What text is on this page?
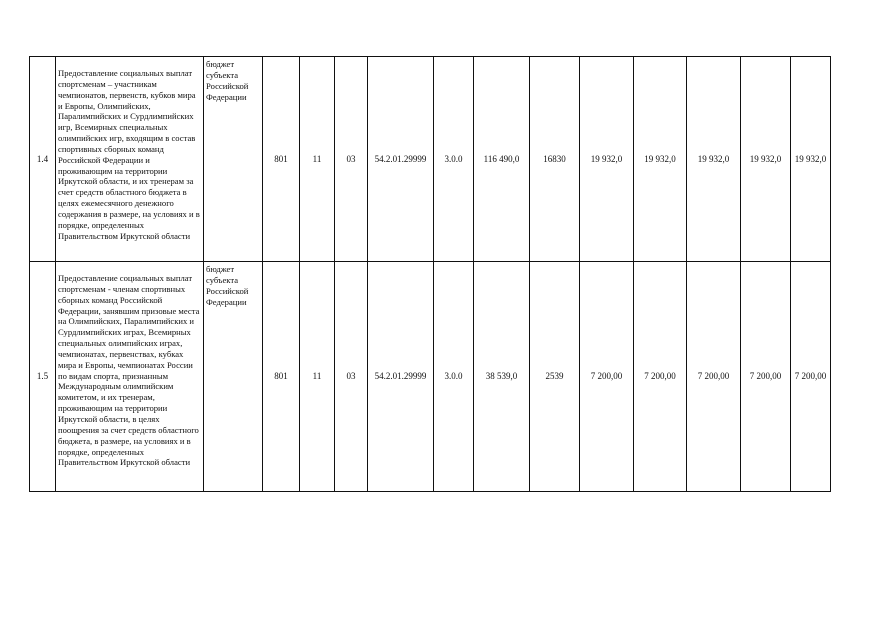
1.4	Предоставление социальных выплат спортсменам – участникам чемпионатов, первенств, кубков мира и Европы, Олимпийских, Паралимпийских и Сурдлимпийских игр, Всемирных специальных олимпийских игр, входящим в состав спортивных сборных команд Российской Федерации и проживающим на территории Иркутской области, и их тренерам за счет средств областного бюджета в целях ежемесячного денежного содержания в размере, на условиях и в порядке, определенных Правительством Иркутской области	бюджет субъекта Российской Федерации	801	11	03	54.2.01.29999	3.0.0	116 490,0	16830	19 932,0	19 932,0	19 932,0	19 932,0	19 932,0
1.5	Предоставление социальных выплат спортсменам - членам спортивных сборных команд Российской Федерации, занявшим призовые места на Олимпийских, Паралимпийских и Сурдлимпийских играх, Всемирных специальных олимпийских играх, чемпионатах, первенствах, кубках мира и Европы, чемпионатах России по видам спорта, признанным Международным олимпийским комитетом, и их тренерам, проживающим на территории Иркутской области, в целях поощрения за счет средств областного бюджета, в размере, на условиях и в порядке, определенных Правительством Иркутской области	бюджет субъекта Российской Федерации	801	11	03	54.2.01.29999	3.0.0	38 539,0	2539	7 200,00	7 200,00	7 200,00	7 200,00	7 200,00
